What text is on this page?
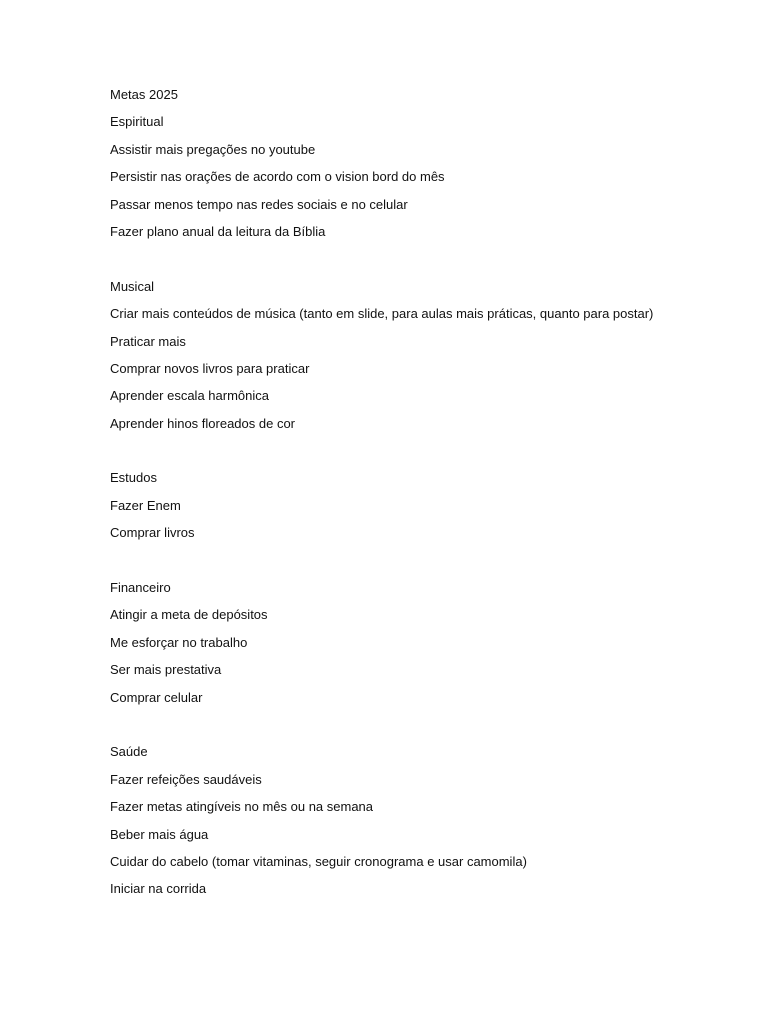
Metas 2025

Espiritual

Assistir mais pregações no youtube

Persistir nas orações de acordo com o vision bord do mês

Passar menos tempo nas redes sociais e no celular

Fazer plano anual da leitura da Bíblia

Musical

Criar mais conteúdos de música (tanto em slide, para aulas mais práticas, quanto para postar)

Praticar mais

Comprar novos livros para praticar

Aprender escala harmônica

Aprender hinos floreados de cor

Estudos

Fazer Enem

Comprar livros

Financeiro

Atingir a meta de depósitos

Me esforçar no trabalho

Ser mais prestativa

Comprar celular

Saúde

Fazer refeições saudáveis

Fazer metas atingíveis no mês ou na semana

Beber mais água

Cuidar do cabelo (tomar vitaminas, seguir cronograma e usar camomila)

Iniciar na corrida
